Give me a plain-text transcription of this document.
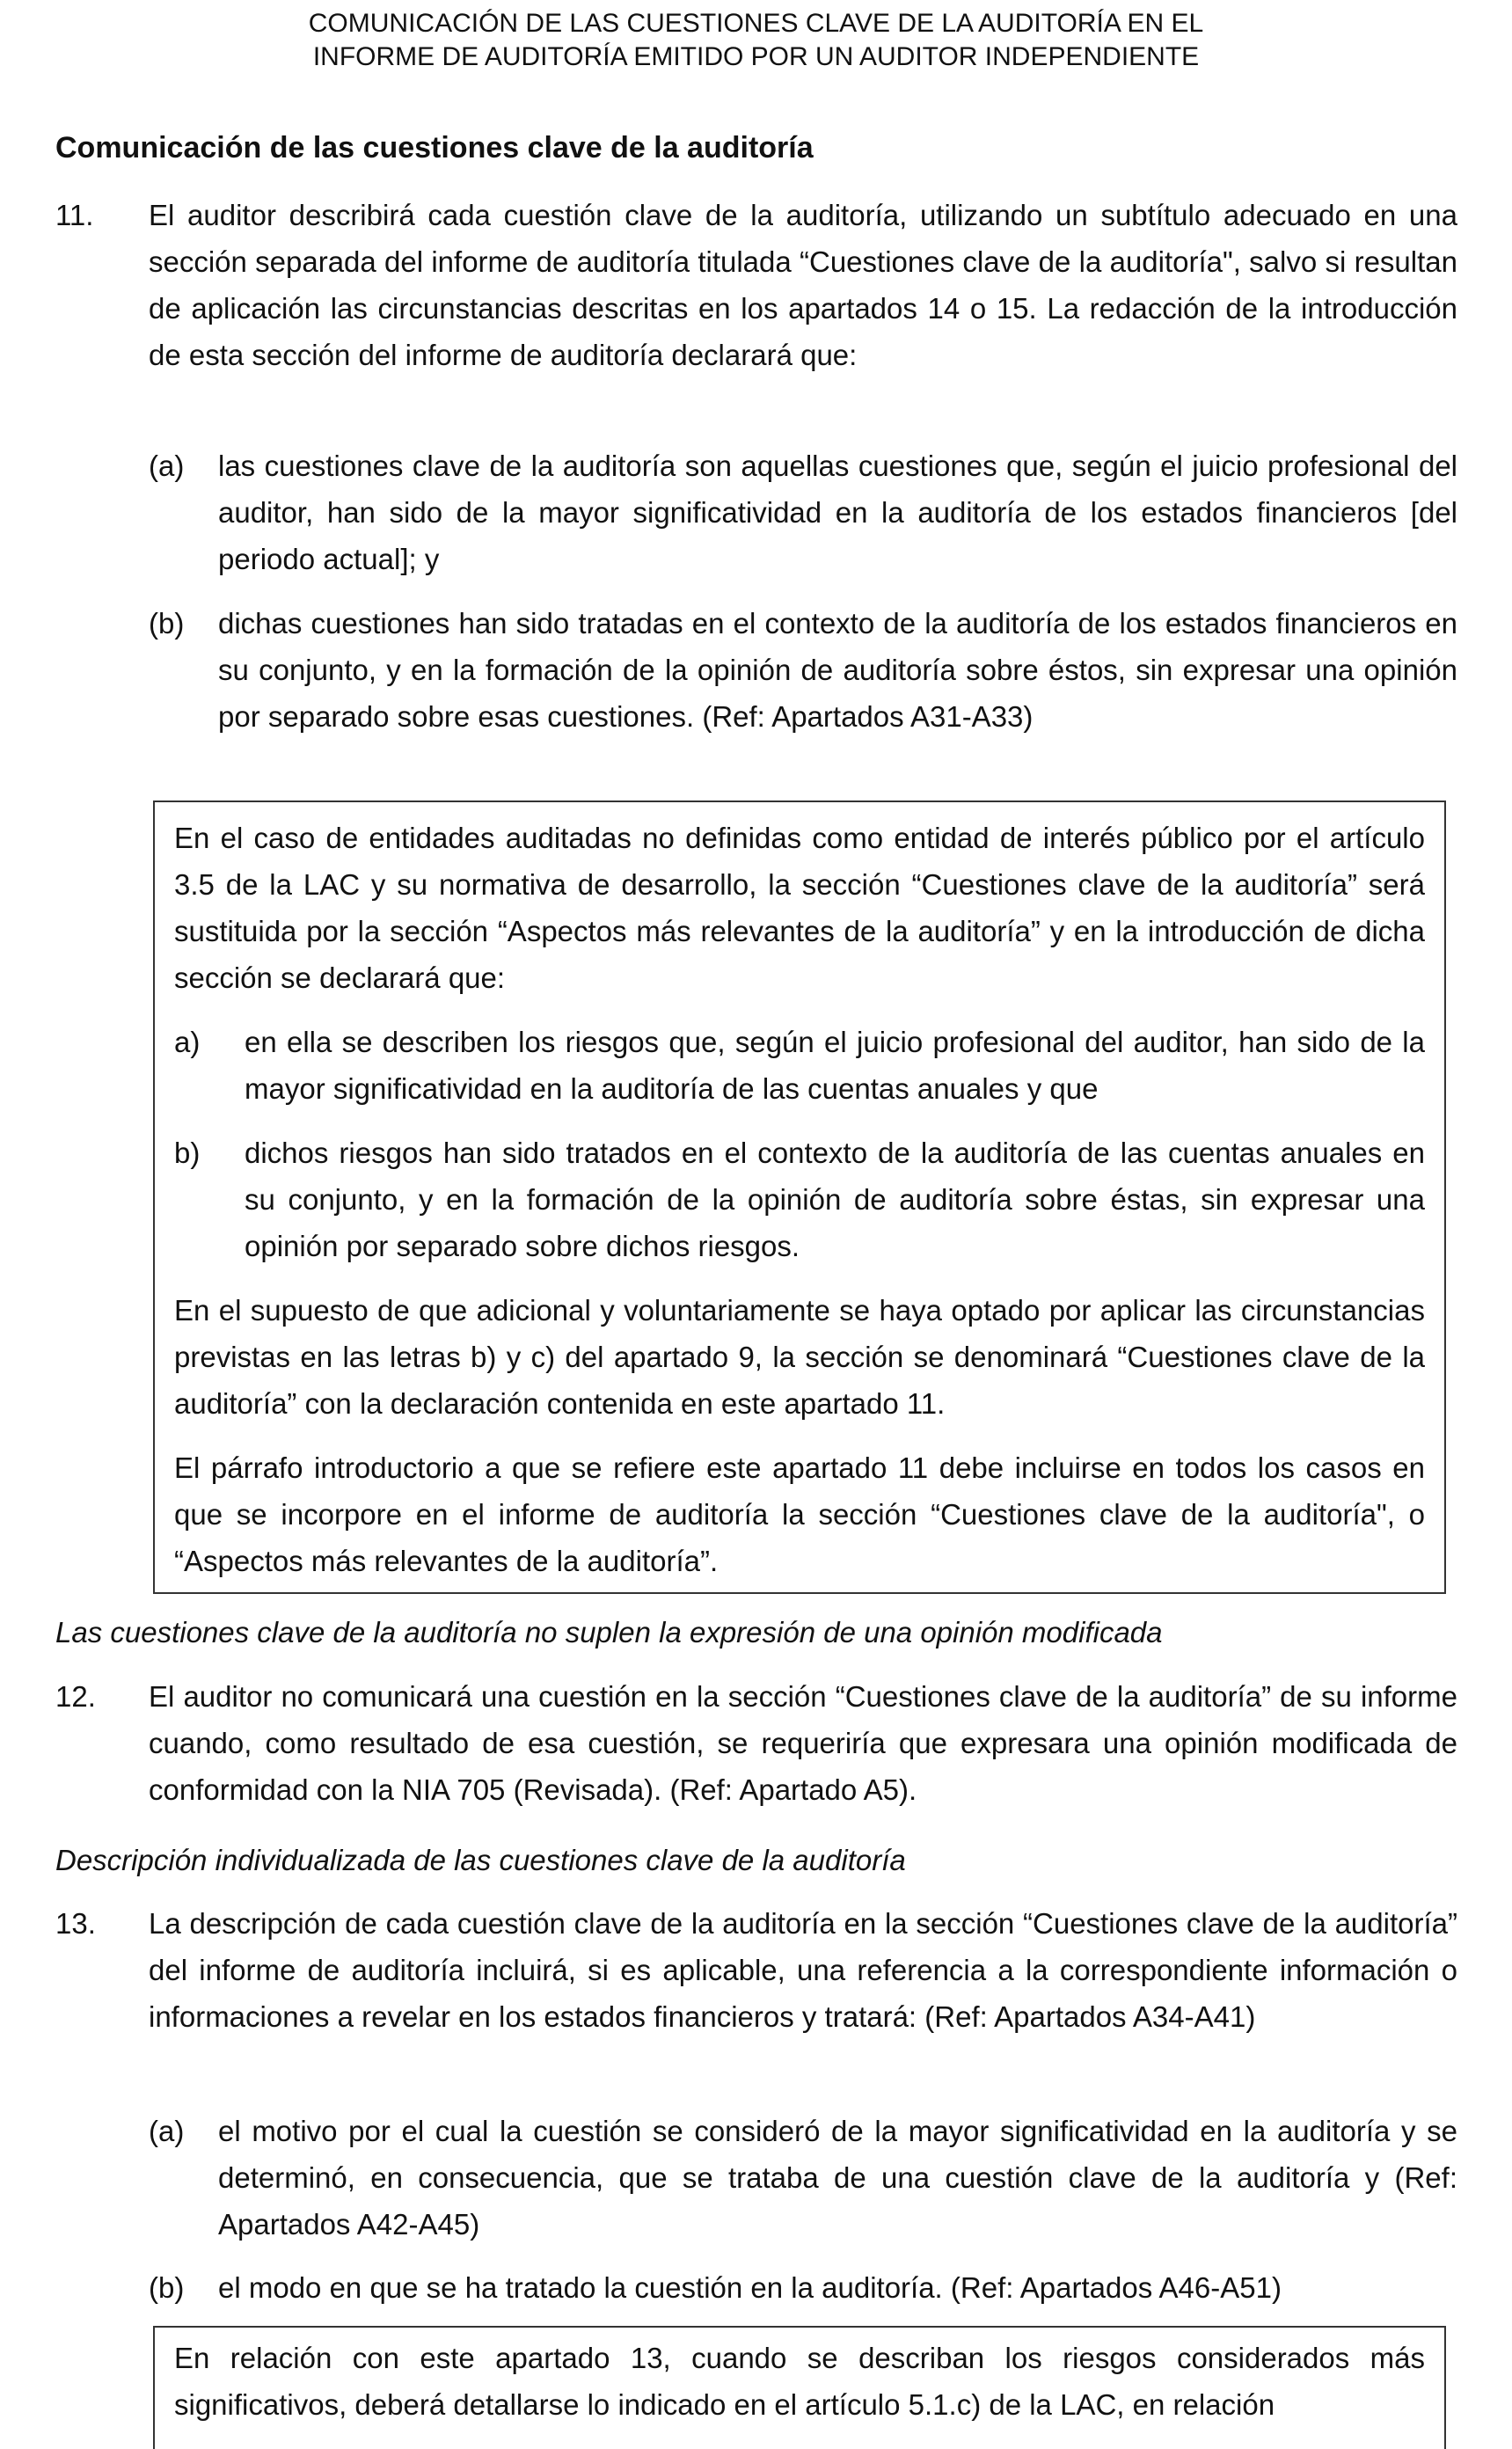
COMUNICACIÓN DE LAS CUESTIONES CLAVE DE LA AUDITORÍA EN EL
INFORME DE AUDITORÍA EMITIDO POR UN AUDITOR INDEPENDIENTE
Comunicación de las cuestiones clave de la auditoría
11. El auditor describirá cada cuestión clave de la auditoría, utilizando un subtítulo adecuado en una sección separada del informe de auditoría titulada “Cuestiones clave de la auditoría", salvo si resultan de aplicación las circunstancias descritas en los apartados 14 o 15. La redacción de la introducción de esta sección del informe de auditoría declarará que:
(a) las cuestiones clave de la auditoría son aquellas cuestiones que, según el juicio profesional del auditor, han sido de la mayor significatividad en la auditoría de los estados financieros [del periodo actual]; y
(b) dichas cuestiones han sido tratadas en el contexto de la auditoría de los estados financieros en su conjunto, y en la formación de la opinión de auditoría sobre éstos, sin expresar una opinión por separado sobre esas cuestiones. (Ref: Apartados A31-A33)

En el caso de entidades auditadas no definidas como entidad de interés público por el artículo 3.5 de la LAC y su normativa de desarrollo, la sección “Cuestiones clave de la auditoría” será sustituida por la sección “Aspectos más relevantes de la auditoría” y en la introducción de dicha sección se declarará que:

a) en ella se describen los riesgos que, según el juicio profesional del auditor, han sido de la mayor significatividad en la auditoría de las cuentas anuales y que
b) dichos riesgos han sido tratados en el contexto de la auditoría de las cuentas anuales en su conjunto, y en la formación de la opinión de auditoría sobre éstas, sin expresar una opinión por separado sobre dichos riesgos.

En el supuesto de que adicional y voluntariamente se haya optado por aplicar las circunstancias previstas en las letras b) y c) del apartado 9, la sección se denominará “Cuestiones clave de la auditoría” con la declaración contenida en este apartado 11.

El párrafo introductorio a que se refiere este apartado 11 debe incluirse en todos los casos en que se incorpore en el informe de auditoría la sección “Cuestiones clave de la auditoría", o “Aspectos más relevantes de la auditoría”.

Las cuestiones clave de la auditoría no suplen la expresión de una opinión modificada
12. El auditor no comunicará una cuestión en la sección “Cuestiones clave de la auditoría” de su informe cuando, como resultado de esa cuestión, se requeriría que expresara una opinión modificada de conformidad con la NIA 705 (Revisada). (Ref: Apartado A5).
Descripción individualizada de las cuestiones clave de la auditoría
13. La descripción de cada cuestión clave de la auditoría en la sección “Cuestiones clave de la auditoría” del informe de auditoría incluirá, si es aplicable, una referencia a la correspondiente información o informaciones a revelar en los estados financieros y tratará: (Ref: Apartados A34-A41)
(a) el motivo por el cual la cuestión se consideró de la mayor significatividad en la auditoría y se determinó, en consecuencia, que se trataba de una cuestión clave de la auditoría y (Ref: Apartados A42-A45)
(b) el modo en que se ha tratado la cuestión en la auditoría. (Ref: Apartados A46-A51)

En relación con este apartado 13, cuando se describan los riesgos considerados más significativos, deberá detallarse lo indicado en el artículo 5.1.c) de la LAC, en relación
